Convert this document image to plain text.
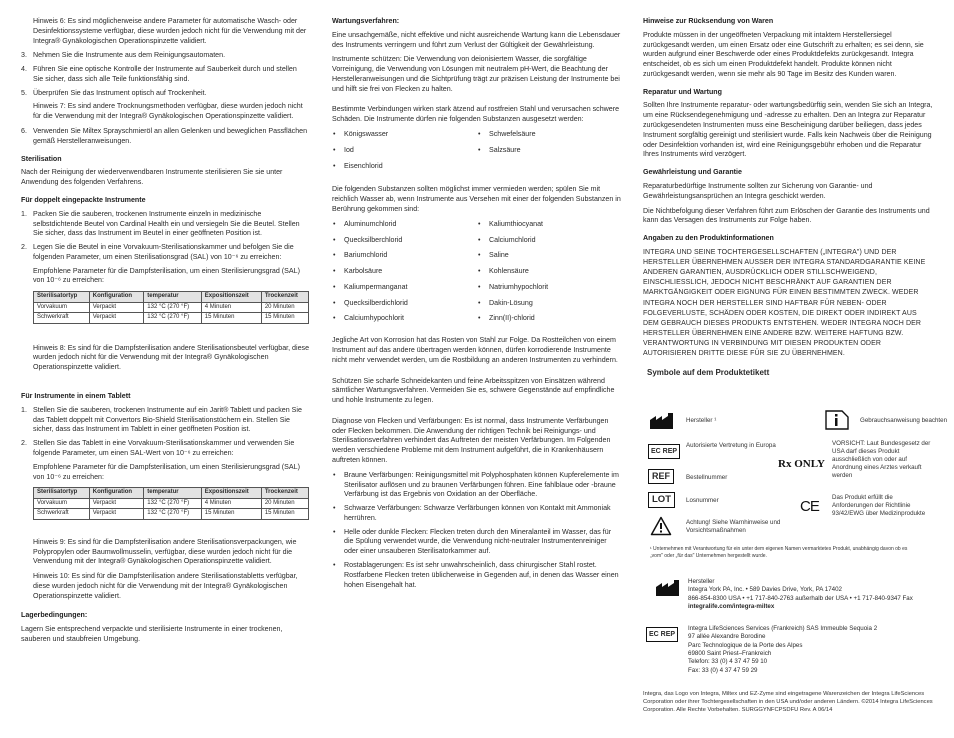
Hinweis 6: Es sind möglicherweise andere Parameter für automatische Wasch- oder Desinfektionssysteme verfügbar, diese wurden jedoch nicht für die Verwendung mit der Integra® Gynäkologischen Operationspinzette validiert.

3. Nehmen Sie die Instrumente aus dem Reinigungsautomaten.
4. Führen Sie eine optische Kontrolle der Instrumente auf Sauberkeit durch und stellen Sie sicher, dass sich alle Teile funktionsfähig sind.
5. Überprüfen Sie das Instrument optisch auf Trockenheit.

Hinweis 7: Es sind andere Trocknungsmethoden verfügbar, diese wurden jedoch nicht für die Verwendung mit der Integra® Gynäkologischen Operationspinzette validiert.

6. Verwenden Sie Miltex Sprayschmieröl an allen Gelenken und beweglichen Passflächen gemäß Herstelleranweisungen.
Sterilisation

Nach der Reinigung der wiederverwendbaren Instrumente sterilisieren Sie sie unter Anwendung des folgenden Verfahrens.

Für doppelt eingepackte Instrumente
1. Packen Sie die sauberen, trockenen Instrumente einzeln in medizinische selbstdichtende Beutel von Cardinal Health ein und versiegeln Sie die Beutel. Stellen Sie sicher, dass das Instrument im Beutel in einer geöffneten Position ist.
2. Legen Sie die Beutel in eine Vorvakuum-Sterilisationskammer und befolgen Sie die folgenden Parameter, um einen Sterilisationsgrad (SAL) von 10⁻⁶ zu erreichen:

Empfohlene Parameter für die Dampfsterilisation, um einen Sterilisierungsgrad (SAL) von 10⁻⁶ zu erreichen:

Sterilisatortyp	Konfiguration	temperatur	Expositionszeit	Trockenzeit
Vorvakuum	Verpackt	132 °C (270 °F)	4 Minuten	20 Minuten
Schwerkraft	Verpackt	132 °C (270 °F)	15 Minuten	15 Minuten

Hinweis 8: Es sind für die Dampfsterilisation andere Sterilisationsbeutel verfügbar, diese wurden jedoch nicht für die Verwendung mit der Integra® Gynäkologischen Operationspinzette validiert.

Für Instrumente in einem Tablett
1. Stellen Sie die sauberen, trockenen Instrumente auf ein Jarit® Tablett und packen Sie das Tablett doppelt mit Convertors Bio-Shield Sterilisationstüchern ein. Stellen Sie sicher, dass das Instrument im Tablett in einer geöffneten Position ist.
2. Stellen Sie das Tablett in eine Vorvakuum-Sterilisationskammer und verwenden Sie folgende Parameter, um einen SAL-Wert von 10⁻⁶ zu erreichen:

Empfohlene Parameter für die Dampfsterilisation, um einen Sterilisierungsgrad (SAL) von 10⁻⁶ zu erreichen:

Sterilisatortyp	Konfiguration	temperatur	Expositionszeit	Trockenzeit
Vorvakuum	Verpackt	132 °C (270 °F)	4 Minuten	20 Minuten
Schwerkraft	Verpackt	132 °C (270 °F)	15 Minuten	15 Minuten

Hinweis 9: Es sind für die Dampfsterilisation andere Sterilisationsverpackungen, wie Polypropylen oder Baumwollmusselin, verfügbar, diese wurden jedoch nicht für die Verwendung mit der Integra® Gynäkologischen Operationspinzette validiert.

Hinweis 10: Es sind für die Dampfsterilisation andere Sterilisationstabletts verfügbar, diese wurden jedoch nicht für die Verwendung mit der Integra® Gynäkologischen Operationspinzette validiert.

Lagerbedingungen:

Lagern Sie entsprechend verpackte und sterilisierte Instrumente in einer trockenen, sauberen und staubfreien Umgebung.

Wartungsverfahren:

Eine unsachgemäße, nicht effektive und nicht ausreichende Wartung kann die Lebensdauer des Instruments verringern und führt zum Verlust der Gültigkeit der Gewährleistung.

Instrumente schützen: Die Verwendung von deionisiertem Wasser, die sorgfältige Vorreinigung, die Verwendung von Lösungen mit neutralem pH-Wert, die Beachtung der Herstelleranweisungen und die Sichtprüfung trägt zur präzisen Leistung der Instrumente bei und hilft sie frei von Flecken zu halten.

Bestimmte Verbindungen wirken stark ätzend auf rostfreien Stahl und verursachen schwere Schäden. Die Instrumente dürfen nie folgenden Substanzen ausgesetzt werden:

• Königswasser	• Schwefelsäure
• Iod	• Salzsäure
• Eisenchlorid

Die folgenden Substanzen sollten möglichst immer vermieden werden; spülen Sie mit reichlich Wasser ab, wenn Instrumente aus Versehen mit einer der folgenden Substanzen in Berührung gekommen sind:

• Aluminumchlorid	• Kaliumthiocyanat
• Quecksilberchlorid	• Calciumchlorid
• Bariumchlorid	• Saline
• Karbolsäure	• Kohlensäure
• Kaliumpermanganat	• Natriumhypochlorit
• Quecksilberdichlorid	• Dakin-Lösung
• Calciumhypochlorit	• Zinn(II)-chlorid

Jegliche Art von Korrosion hat das Rosten von Stahl zur Folge. Da Rostteilchen von einem Instrument auf das andere übertragen werden können, dürfen korrodierende Instrumente nicht mehr verwendet werden, um die Rostbildung an anderen Instrumenten zu verhindern.

Schützen Sie scharfe Schneidekanten und feine Arbeitsspitzen von Einsätzen während sämtlicher Wartungsverfahren. Vermeiden Sie es, schwere Gegenstände auf empfindliche und hohle Instrumente zu legen.

Diagnose von Flecken und Verfärbungen: Es ist normal, dass Instrumente Verfärbungen oder Flecken bekommen. Die Anwendung der richtigen Technik bei Reinigungs- und Sterilisationsverfahren verhindert das Auftreten der meisten Verfärbungen. Im Folgenden werden verschiedene Probleme mit dem Instrument aufgeführt, die in Krankenhäusern auftreten können.

• Braune Verfärbungen: Reinigungsmittel mit Polyphosphaten können Kupferelemente im Sterilisator auflösen und zu braunen Verfärbungen führen. Eine fahlblaue oder -braune Verfärbung ist das Ergebnis von Oxidation an der Oberfläche.
• Schwarze Verfärbungen: Schwarze Verfärbungen können von Kontakt mit Ammoniak herrühren.
• Helle oder dunkle Flecken: Flecken treten durch den Mineralanteil im Wasser, das für die Spülung verwendet wurde, die Verwendung nicht-neutraler Instrumentenreiniger oder einer unsauberen Sterilisatorkammer auf.
• Rostablagerungen: Es ist sehr unwahrscheinlich, dass chirurgischer Stahl rostet. Rostfarbene Flecken treten üblicherweise in Gegenden auf, in denen das Wasser einen hohen Eisengehalt hat.
Hinweise zur Rücksendung von Waren

Produkte müssen in der ungeöffneten Verpackung mit intaktem Herstellersiegel zurückgesandt werden, um einen Ersatz oder eine Gutschrift zu erhalten; es sei denn, sie wurden aufgrund einer Beschwerde oder eines Produktdefekts zurückgesandt. Integra entscheidet, ob es sich um einen Produktdefekt handelt. Produkte können nicht zurückgesandt werden, wenn sie mehr als 90 Tage im Besitz des Kunden waren.

Reparatur und Wartung

Sollten Ihre Instrumente reparatur- oder wartungsbedürftig sein, wenden Sie sich an Integra, um eine Rücksendegenehmigung und -adresse zu erhalten. Den an Integra zur Reparatur zurückgesendeten Instrumenten muss eine Bescheinigung darüber beiliegen, dass jedes Instrument sorgfältig gereinigt und sterilisiert wurde. Falls kein Nachweis über die Reinigung oder Desinfektion vorhanden ist, wird eine Reinigungsgebühr erhoben und die Reparatur Ihres Instruments wird verzögert.

Gewährleistung und Garantie

Reparaturbedürftige Instrumente sollten zur Sicherung von Garantie- und Gewährleistungsansprüchen an Integra geschickt werden.

Die Nichtbefolgung dieser Verfahren führt zum Erlöschen der Garantie des Instruments und kann das Versagen des Instruments zur Folge haben.

Angaben zu den Produktinformationen

INTEGRA UND SEINE TOCHTERGESELLSCHAFTEN („INTEGRA") UND DER HERSTELLER ÜBERNEHMEN AUSSER DER INTEGRA STANDARDGARANTIE KEINE ANDEREN GARANTIEN, AUSDRÜCKLICH ODER STILLSCHWEIGEND, EINSCHLIESSLICH, JEDOCH NICHT BESCHRÄNKT AUF GARANTIEN DER MARKTGÄNGIGKEIT ODER EIGNUNG FÜR EINEN BESTIMMTEN ZWECK. WEDER INTEGRA NOCH DER HERSTELLER SIND HAFTBAR FÜR NEBEN- ODER FOLGEVERLUSTE, SCHÄDEN ODER KOSTEN, DIE DIREKT ODER INDIREKT AUS DEM GEBRAUCH DIESES PRODUKTS ENTSTEHEN. WEDER INTEGRA NOCH DER HERSTELLER ÜBERNEHMEN EINE ANDERE BZW. WEITERE HAFTUNG BZW. VERANTWORTUNG IN VERBINDUNG MIT DIESEN PRODUKTEN ODER AUTORISIEREN DRITTE DIESE FÜR SIE ZU ÜBERNEHMEN.

Symbole auf dem Produktetikett
Hersteller ¹	Gebrauchsanweisung beachten
EC REP
Autorisierte Vertretung in Europa
Rx ONLY
VORSICHT: Laut Bundesgesetz der USA darf dieses Produkt ausschließlich von oder auf Anordnung eines Arztes verkauft werden
REF	Bestellnummer
LOT	Losnummer	CE
Das Produkt erfüllt die Anforderungen der Richtlinie 93/42/EWG über Medizinprodukte
Achtung! Siehe Warnhinweise und Vorsichtsmaßnahmen
¹ Unternehmen mit Verantwortung für ein unter dem eigenen Namen vermarktetes Produkt, unabhängig davon ob es „vom" oder „für das" Unternehmen hergestellt wurde.
Hersteller
Integra York PA, Inc. • 589 Davies Drive, York, PA 17402
866-854-8300 USA • +1 717-840-2763 außerhalb der USA • +1 717-840-9347 Fax
integralife.com/integra-miltex
EC REP
Integra LifeSciences Services (Frankreich) SAS Immeuble Sequoia 2
97 allée Alexandre Borodine
Parc Technologique de la Porte des Alpes
69800 Saint Priest–Frankreich
Telefon: 33 (0) 4 37 47 59 10
Fax: 33 (0) 4 37 47 59 29
Integra, das Logo von Integra, Miltex und EZ-Zyme sind eingetragene Warenzeichen der Integra LifeSciences Corporation oder ihrer Tochtergesellschaften in den USA und/oder anderen Ländern. ©2014 Integra LifeSciences Corporation. Alle Rechte Vorbehalten. SURGGYNFCPSDFU Rev. A 06/14
